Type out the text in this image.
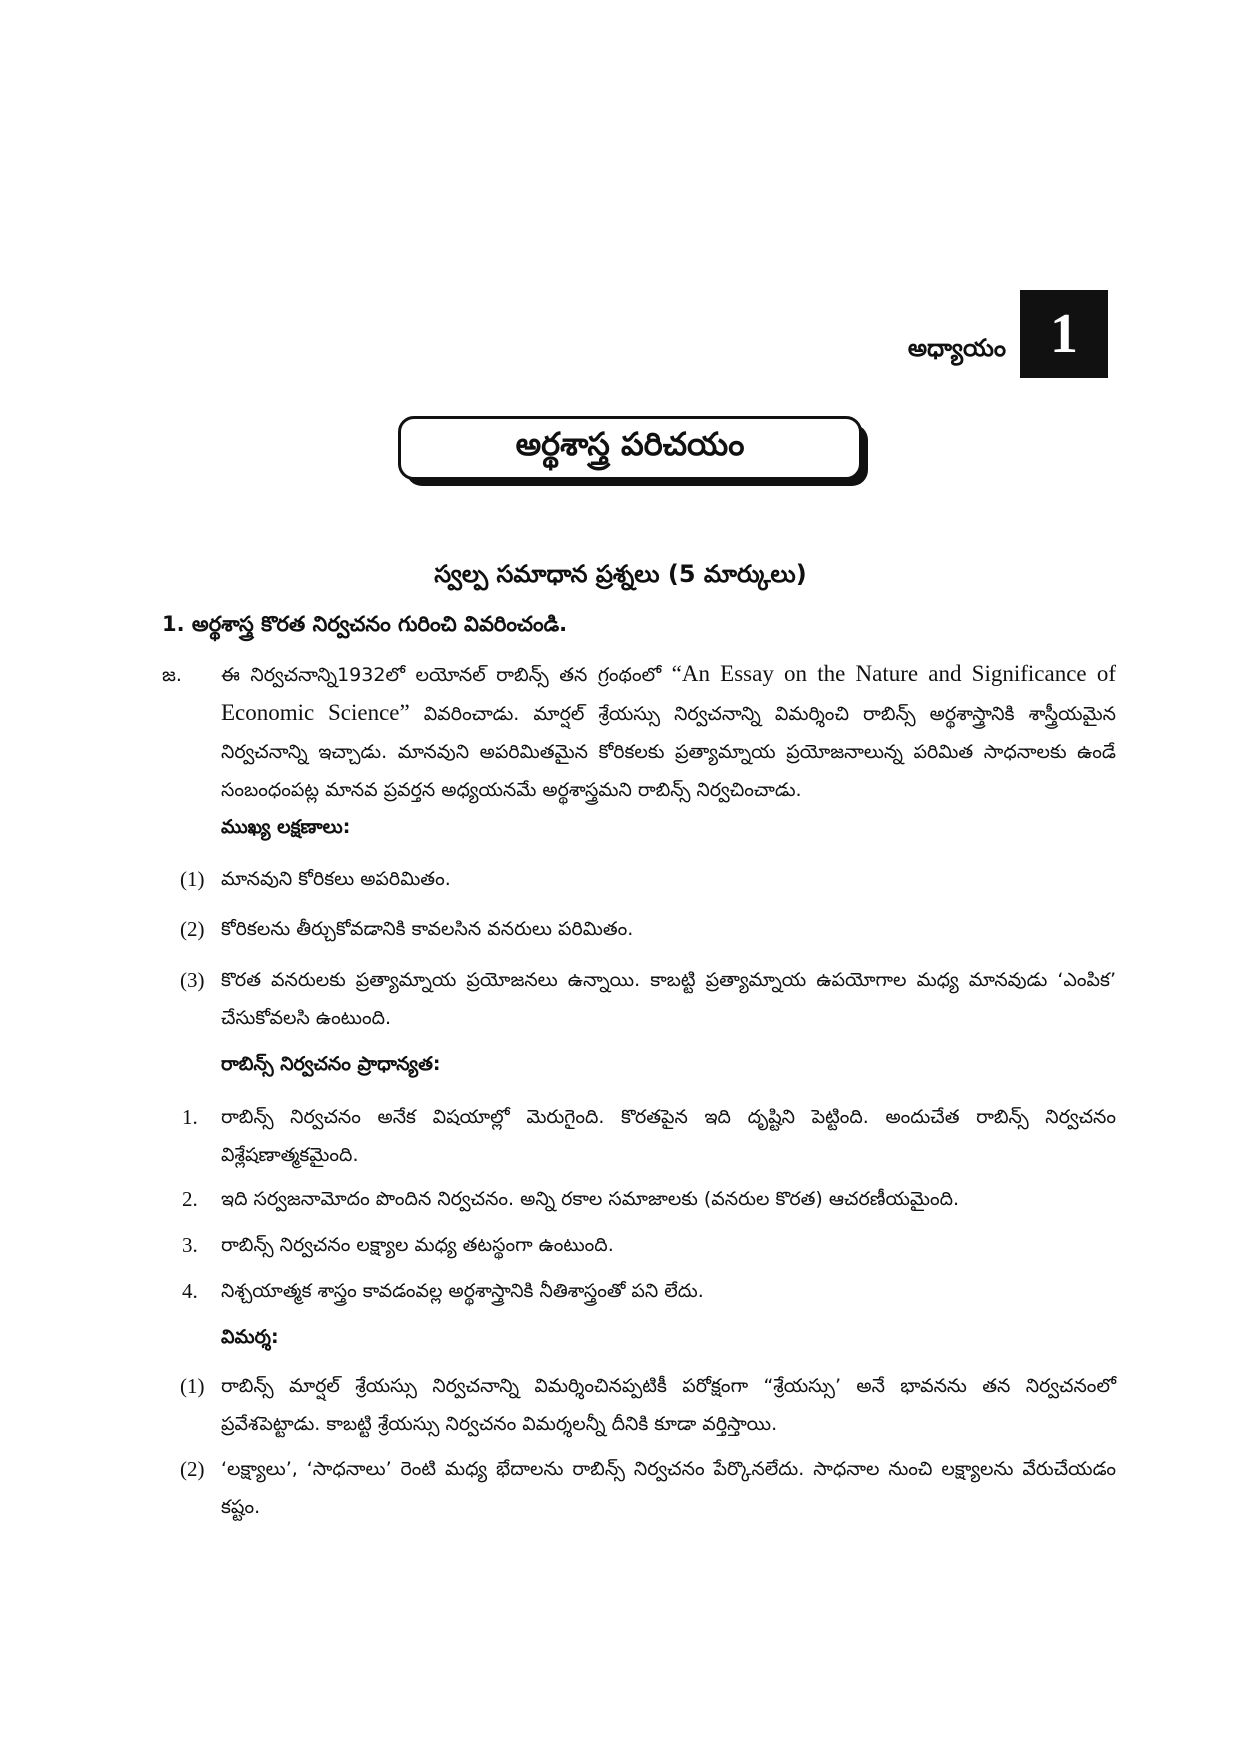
అధ్యాయం 1
అర్థశాస్త్ర పరిచయం
స్వల్ప సమాధాన ప్రశ్నలు (5 మార్కులు)
1. అర్థశాస్త్ర కొరత నిర్వచనం గురించి వివరించండి.
జ. ఈ నిర్వచనాన్ని1932లో లయోనల్ రాబిన్స్ తన గ్రంథంలో “An Essay on the Nature and Significance of Economic Science” వివరించాడు. మార్షల్ శ్రేయస్సు నిర్వచనాన్ని విమర్శించి రాబిన్స్ అర్థశాస్త్రానికి శాస్త్రీయమైన నిర్వచనాన్ని ఇచ్చాడు. మానవుని అపరిమితమైన కోరికలకు ప్రత్యామ్నాయ ప్రయోజనాలున్న పరిమిత సాధనాలకు ఉండే సంబంధంపట్ల మానవ ప్రవర్తన అధ్యయనమే అర్థశాస్త్రమని రాబిన్స్ నిర్వచించాడు.
ముఖ్య లక్షణాలు:
(1) మానవుని కోరికలు అపరిమితం.
(2) కోరికలను తీర్చుకోవడానికి కావలసిన వనరులు పరిమితం.
(3) కొరత వనరులకు ప్రత్యామ్నాయ ప్రయోజనలు ఉన్నాయి. కాబట్టి ప్రత్యామ్నాయ ఉపయోగాల మధ్య మానవుడు ‘ఎంపిక’ చేసుకోవలసి ఉంటుంది.
రాబిన్స్ నిర్వచనం ప్రాధాన్యత:
1.	రాబిన్స్ నిర్వచనం అనేక విషయాల్లో మెరుగైంది. కొరతపైన ఇది దృష్టిని పెట్టింది. అందుచేత రాబిన్స్ నిర్వచనం విశ్లేషణాత్మకమైంది.
2.	ఇది సర్వజనామోదం పొందిన నిర్వచనం. అన్ని రకాల సమాజాలకు (వనరుల కొరత) ఆచరణీయమైంది.
3.	రాబిన్స్ నిర్వచనం లక్ష్యాల మధ్య తటస్థంగా ఉంటుంది.
4.	నిశ్చయాత్మక శాస్త్రం కావడంవల్ల అర్థశాస్త్రానికి నీతిశాస్త్రంతో పని లేదు.
విమర్శ:
(1) రాబిన్స్ మార్షల్ శ్రేయస్సు నిర్వచనాన్ని విమర్శించినప్పటికీ పరోక్షంగా “శ్రేయస్సు’ అనే భావనను తన నిర్వచనంలో ప్రవేశపెట్టాడు. కాబట్టి శ్రేయస్సు నిర్వచనం విమర్శలన్నీ దీనికి కూడా వర్తిస్తాయి.
(2) ‘లక్ష్యాలు’, ‘సాధనాలు’ రెంటి మధ్య భేదాలను రాబిన్స్ నిర్వచనం పేర్కొనలేదు. సాధనాల నుంచి లక్ష్యాలను వేరుచేయడం కష్టం.
